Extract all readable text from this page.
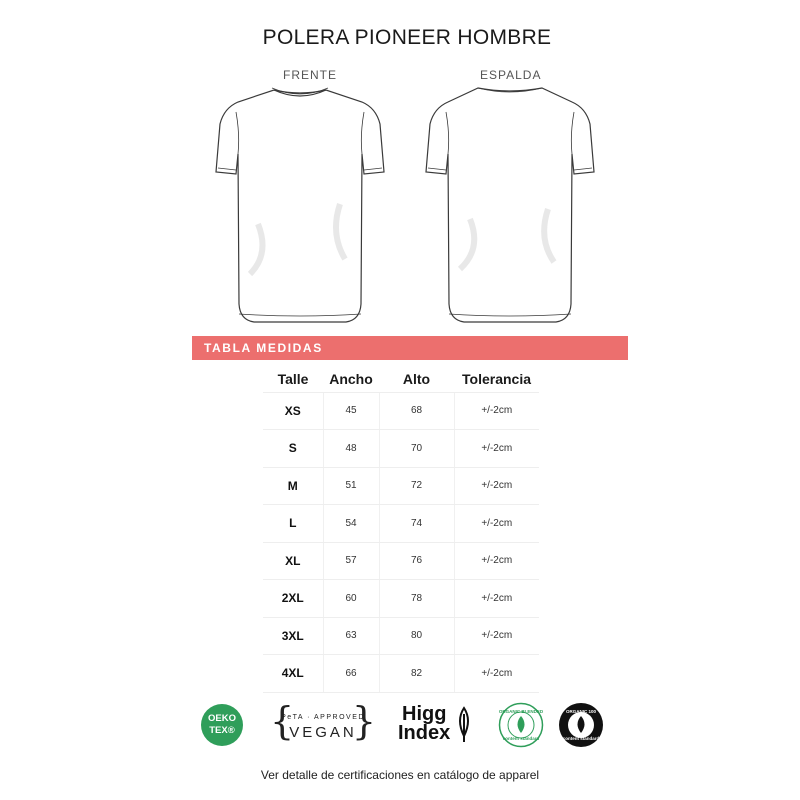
POLERA PIONEER HOMBRE
FRENTE	ESPALDA
TABLA MEDIDAS
Talle	Ancho	Alto	Tolerancia
XS	45	68	+/-2cm
S	48	70	+/-2cm
M	51	72	+/-2cm
L	54	74	+/-2cm
XL	57	76	+/-2cm
2XL	60	78	+/-2cm
3XL	63	80	+/-2cm
4XL	66	82	+/-2cm
OEKO
TEX® { }
PeTA · APPROVED
VEGAN
Higg
Index
ORGANIC BLENDED
content standard
ORGANIC 100
content standard
Ver detalle de certificaciones en catálogo de apparel
